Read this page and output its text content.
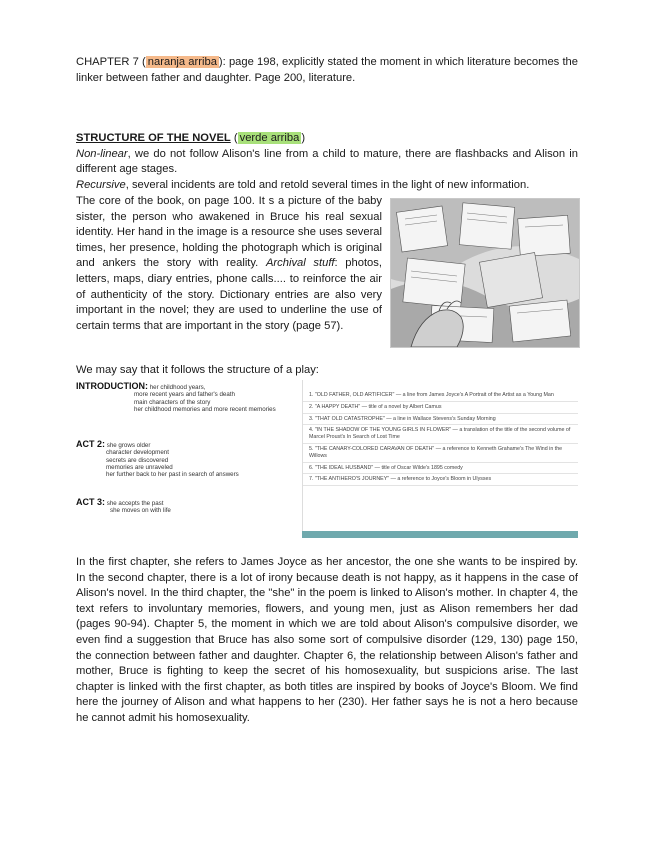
CHAPTER 7 ( naranja arriba ): page 198, explicitly stated the moment in which literature becomes the linker between father and daughter. Page 200, literature.

STRUCTURE OF THE NOVEL ( verde arriba )

Non-linear, we do not follow Alison's line from a child to mature, there are flashbacks and Alison in different age stages.

Recursive, several incidents are told and retold several times in the light of new information.

The core of the book, on page 100. It s a picture of the baby sister, the person who awakened in Bruce his real sexual identity. Her hand in the image is a resource she uses several times, her presence, holding the photograph which is original and ankers the story with reality. Archival stuff: photos, letters, maps, diary entries, phone calls.... to reinforce the air of authenticity of the story. Dictionary entries are also very important in the novel; they are used to underline the use of certain terms that are important in the story (page 57).

We may say that it follows the structure of a play:

INTRODUCTION: her childhood years,
more recent years and father's death
main characters of the story
her childhood memories and more recent memories
ACT 2: she grows older
character development
secrets are discovered
memories are unraveled
her further back to her past in search of answers
ACT 3: she accepts the past
she moves on with life
1. "OLD FATHER, OLD ARTIFICER" — a line from James Joyce's A Portrait of the Artist as a Young Man
2. "A HAPPY DEATH" — title of a novel by Albert Camus
3. "THAT OLD CATASTROPHE" — a line in Wallace Stevens's Sunday Morning
4. "IN THE SHADOW OF THE YOUNG GIRLS IN FLOWER" — a translation of the title of the second volume of Marcel Proust's In Search of Lost Time
5. "THE CANARY-COLORED CARAVAN OF DEATH" — a reference to Kenneth Grahame's The Wind in the Willows
6. "THE IDEAL HUSBAND" — title of Oscar Wilde's 1895 comedy
7. "THE ANTIHERO'S JOURNEY" — a reference to Joyce's Bloom in Ulysses

In the first chapter, she refers to James Joyce as her ancestor, the one she wants to be inspired by. In the second chapter, there is a lot of irony because death is not happy, as it happens in the case of Alison's novel. In the third chapter, the "she" in the poem is linked to Alison's mother. In chapter 4, the text refers to involuntary memories, flowers, and young men, just as Alison remembers her dad (pages 90-94). Chapter 5, the moment in which we are told about Alison's compulsive disorder, we even find a suggestion that Bruce has also some sort of compulsive disorder (129, 130) page 150, the connection between father and daughter. Chapter 6, the relationship between Alison's father and mother, Bruce is fighting to keep the secret of his homosexuality, but suspicions arise. The last chapter is linked with the first chapter, as both titles are inspired by books of Joyce's Bloom. We find here the journey of Alison and what happens to her (230). Her father says he is not a hero because he cannot admit his homosexuality.
